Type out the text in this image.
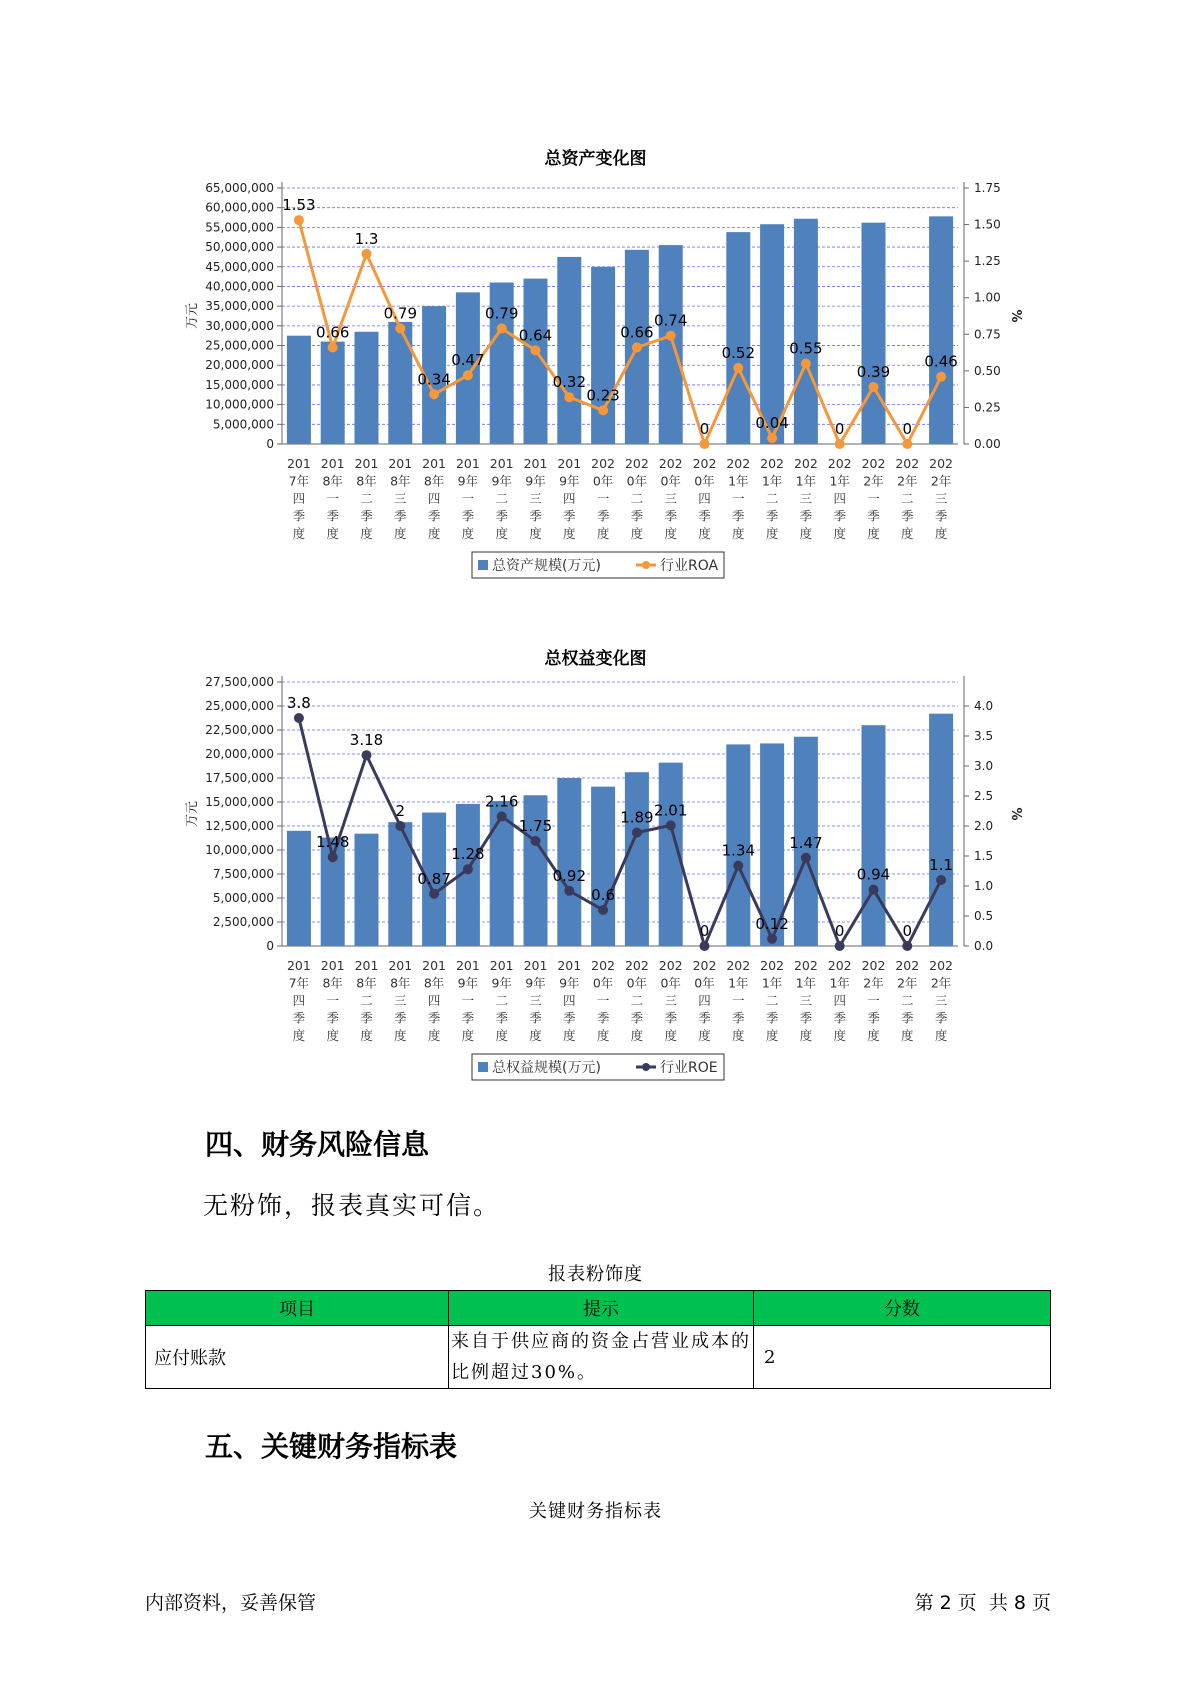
总资产变化图
65,000,000
60,000,000
55,000,000
50,000,000
45,000,000
40,000,000
35,000,000
30,000,000
25,000,000
20,000,000
15,000,000
10,000,000
5,000,000
0
1.75
1.50
1.25
1.00
0.75
0.50
0.25
0.00
万元	%
201
7年
四
季
度
201
8年
一
季
度
201
8年
二
季
度
201
8年
三
季
度
201
8年
四
季
度
201
9年
一
季
度
201
9年
二
季
度
201
9年
三
季
度
201
9年
四
季
度
202
0年
一
季
度
202
0年
二
季
度
202
0年
三
季
度
202
0年
四
季
度
202
1年
一
季
度
202
1年
二
季
度
202
1年
三
季
度
202
1年
四
季
度
202
2年
一
季
度
202
2年
二
季
度
202
2年
三
季
度
1.53
0.66
1.3
0.79
0.34
0.47
0.79
0.64
0.32
0.23
0.66
0.74
0
0.52
0.04
0.55
0
0.39
0
0.46
总资产规模(万元)	行业ROA
总权益变化图
27,500,000
25,000,000
22,500,000
20,000,000
17,500,000
15,000,000
12,500,000
10,000,000
7,500,000
5,000,000
2,500,000
0
4.0
3.5
3.0
2.5
2.0
1.5
1.0
0.5
0.0
万元	%
201
7年
四
季
度
201
8年
一
季
度
201
8年
二
季
度
201
8年
三
季
度
201
8年
四
季
度
201
9年
一
季
度
201
9年
二
季
度
201
9年
三
季
度
201
9年
四
季
度
202
0年
一
季
度
202
0年
二
季
度
202
0年
三
季
度
202
0年
四
季
度
202
1年
一
季
度
202
1年
二
季
度
202
1年
三
季
度
202
1年
四
季
度
202
2年
一
季
度
202
2年
二
季
度
202
2年
三
季
度
3.8
1.48
3.18
2
0.87
1.28
2.16
1.75
0.92
0.6
1.89 2.01
0
1.34
0.12
1.47
0
0.94
0
1.1
总权益规模(万元)	行业ROE
四、财务风险信息
无粉饰，报表真实可信。
报表粉饰度
项目	提示	分数
应付账款	来自于供应商的资金占营业成本的比例超过30%。	2
五、关键财务指标表
关键财务指标表
内部资料，妥善保管	第 2 页  共 8 页
